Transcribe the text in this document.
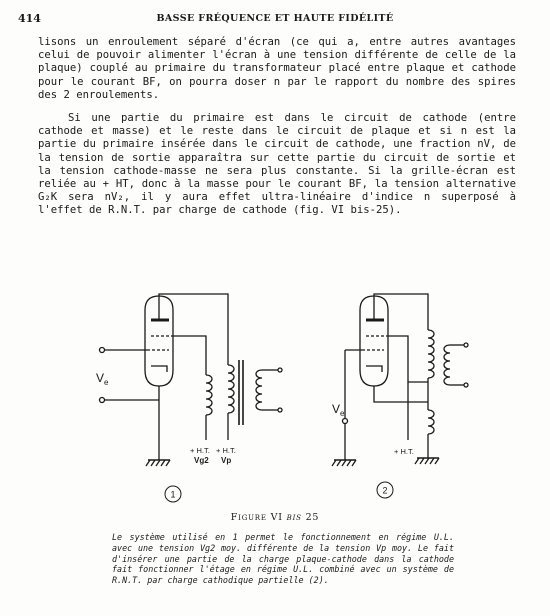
414	BASSE FRÉQUENCE ET HAUTE FIDÉLITÉ

lisons un enroulement séparé d'écran (ce qui a, entre autres avantages celui de pouvoir alimenter l'écran à une tension différente de celle de la plaque) couplé au primaire du transformateur placé entre plaque et cathode pour le courant BF, on pourra doser n par le rapport du nombre des spires des 2 enroulements.

Si une partie du primaire est dans le circuit de cathode (entre cathode et masse) et le reste dans le circuit de plaque et si n est la partie du primaire insérée dans le circuit de cathode, une fraction nV, de la tension de sortie apparaîtra sur cette partie du circuit de sortie et la tension cathode-masse ne sera plus constante. Si la grille-écran est reliée au + HT, donc à la masse pour le courant BF, la tension alternative G₂K sera nV₂, il y aura effet ultra-linéaire d'indice n superposé à l'effet de R.N.T. par charge de cathode (fig. VI bis-25).

$V_e$
+ H.T.
Vg2
+ H.T.
Vp
1
$V_e$
+ H.T.
2
Figure VI bis 25
Le système utilisé en 1 permet le fonctionnement en régime U.L. avec une tension Vg2 moy. différente de la tension Vp moy. Le fait d'insérer une partie de la charge plaque-cathode dans la cathode fait fonctionner l'étage en régime U.L. combiné avec un système de R.N.T. par charge cathodique partielle (2).
